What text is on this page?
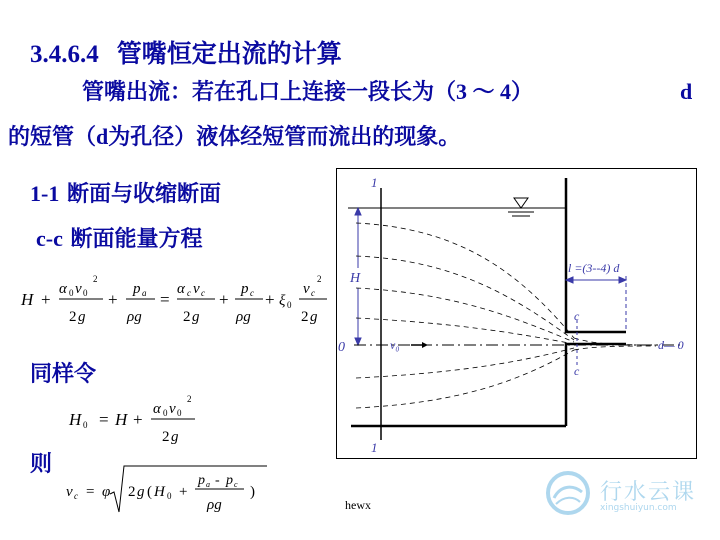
3.4.6.4 管嘴恒定出流的计算
管嘴出流：若在孔口上连接一段长为（3 ～ 4）	d
的短管（d为孔径）液体经短管而流出的现象。
1-1 断面与收缩断面
c-c 断面能量方程
H +
α 0 v 0
2
2 g
+
p a
ρg
=
α c v c
2 g
+
p c
ρg
+ ξ 0
v c
2
2 g
同样令
H 0 = H +
α 0 v 0
2
2 g
则
v c = φ 2 g ( H 0 +
p a - p c
ρg
)
1
1
H
0	v₀
c
c
l =(3--4) d
d— 0
hewx	行水云课
xingshuiyun.com
